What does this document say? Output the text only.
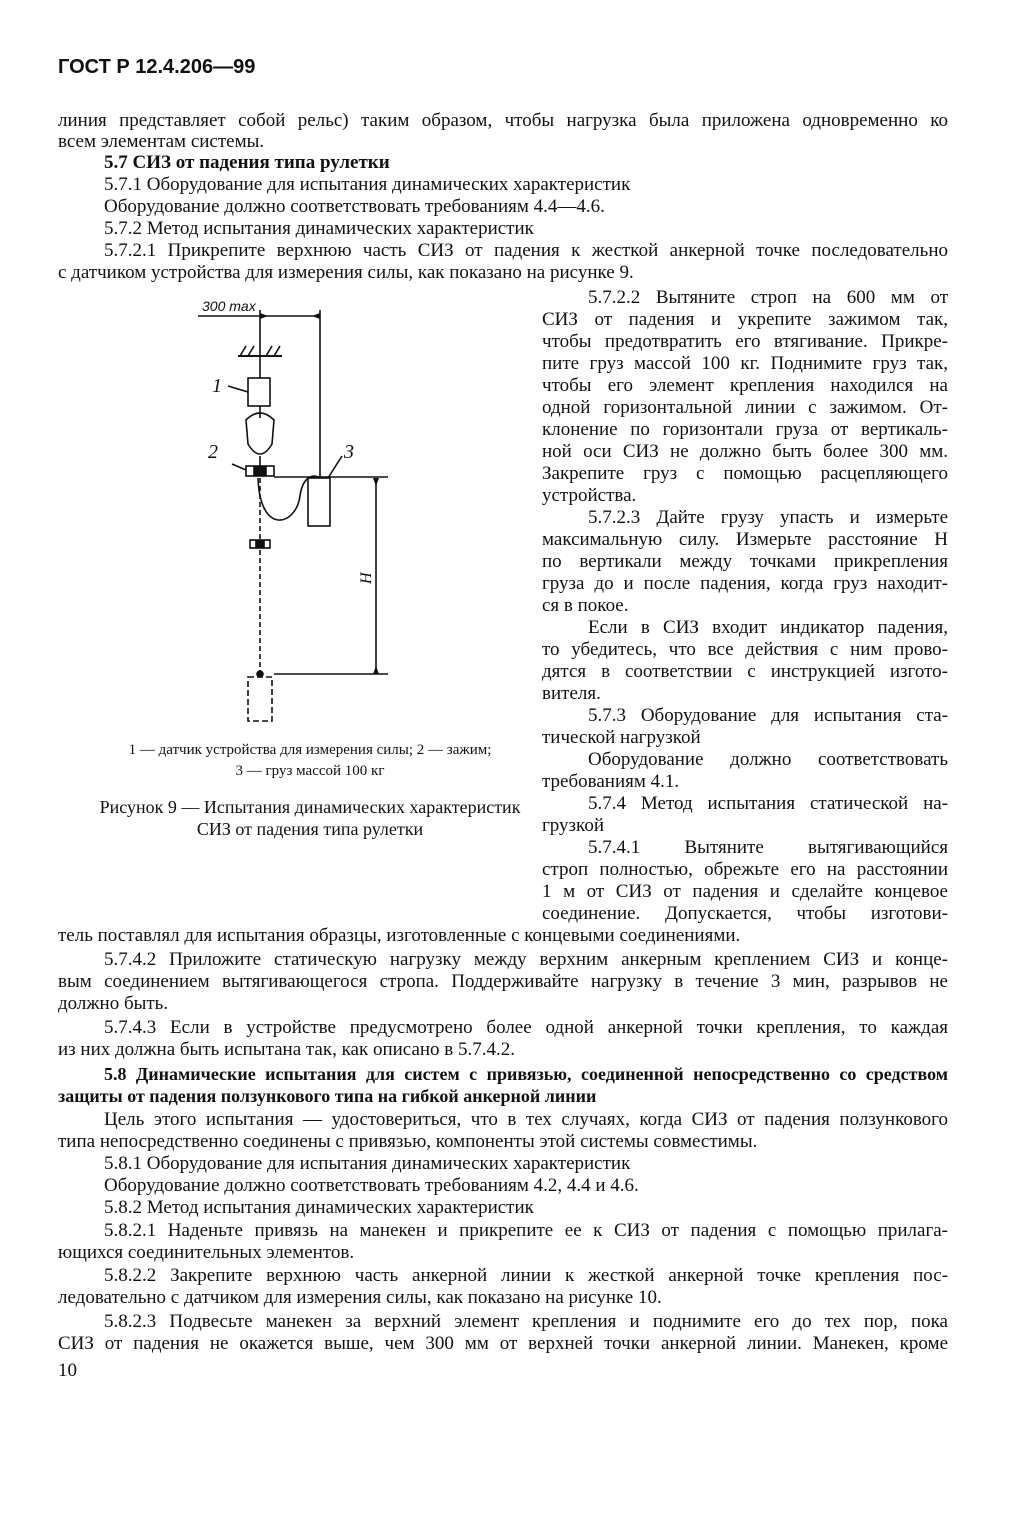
ГОСТ Р 12.4.206—99
линия представляет собой рельс) таким образом, чтобы нагрузка была приложена одновременно ко
всем элементам системы.
5.7 СИЗ от падения типа рулетки
5.7.1 Оборудование для испытания динамических характеристик
Оборудование должно соответствовать требованиям 4.4—4.6.
5.7.2 Метод испытания динамических характеристик
5.7.2.1 Прикрепите верхнюю часть СИЗ от падения к жесткой анкерной точке последовательно
с датчиком устройства для измерения силы, как показано на рисунке 9.
5.7.2.2 Вытяните строп на 600 мм от
СИЗ от падения и укрепите зажимом так,
чтобы предотвратить его втягивание. Прикре-
пите груз массой 100 кг. Поднимите груз так,
чтобы его элемент крепления находился на
одной горизонтальной линии с зажимом. От-
клонение по горизонтали груза от вертикаль-
ной оси СИЗ не должно быть более 300 мм.
Закрепите груз с помощью расцепляющего
устройства.
5.7.2.3 Дайте грузу упасть и измерьте
максимальную силу. Измерьте расстояние H
по вертикали между точками прикрепления
груза до и после падения, когда груз находит-
ся в покое.
Если в СИЗ входит индикатор падения,
то убедитесь, что все действия с ним прово-
дятся в соответствии с инструкцией изгото-
вителя.
5.7.3 Оборудование для испытания ста-
тической нагрузкой
Оборудование должно соответствовать
требованиям 4.1.
5.7.4 Метод испытания статической на-
грузкой
5.7.4.1 Вытяните вытягивающийся
строп полностью, обрежьте его на расстоянии
1 м от СИЗ от падения и сделайте концевое
соединение. Допускается, чтобы изготови-
тель поставлял для испытания образцы, изготовленные с концевыми соединениями.
5.7.4.2 Приложите статическую нагрузку между верхним анкерным креплением СИЗ и конце-
вым соединением вытягивающегося стропа. Поддерживайте нагрузку в течение 3 мин, разрывов не
должно быть.
5.7.4.3 Если в устройстве предусмотрено более одной анкерной точки крепления, то каждая
из них должна быть испытана так, как описано в 5.7.4.2.
5.8 Динамические испытания для систем с привязью, соединенной непосредственно со средством
защиты от падения ползункового типа на гибкой анкерной линии
Цель этого испытания — удостовериться, что в тех случаях, когда СИЗ от падения ползункового
типа непосредственно соединены с привязью, компоненты этой системы совместимы.
5.8.1 Оборудование для испытания динамических характеристик
Оборудование должно соответствовать требованиям 4.2, 4.4 и 4.6.
5.8.2 Метод испытания динамических характеристик
5.8.2.1 Наденьте привязь на манекен и прикрепите ее к СИЗ от падения с помощью прилага-
ющихся соединительных элементов.
5.8.2.2 Закрепите верхнюю часть анкерной линии к жесткой анкерной точке крепления пос-
ледовательно с датчиком для измерения силы, как показано на рисунке 10.
5.8.2.3 Подвесьте манекен за верхний элемент крепления и поднимите его до тех пор, пока
СИЗ от падения не окажется выше, чем 300 мм от верхней точки анкерной линии. Манекен, кроме
10
300 max
1
2	3
H
1 — датчик устройства для измерения силы; 2 — зажим;
3 — груз массой 100 кг
Рисунок 9 — Испытания динамических характеристик
СИЗ от падения типа рулетки
